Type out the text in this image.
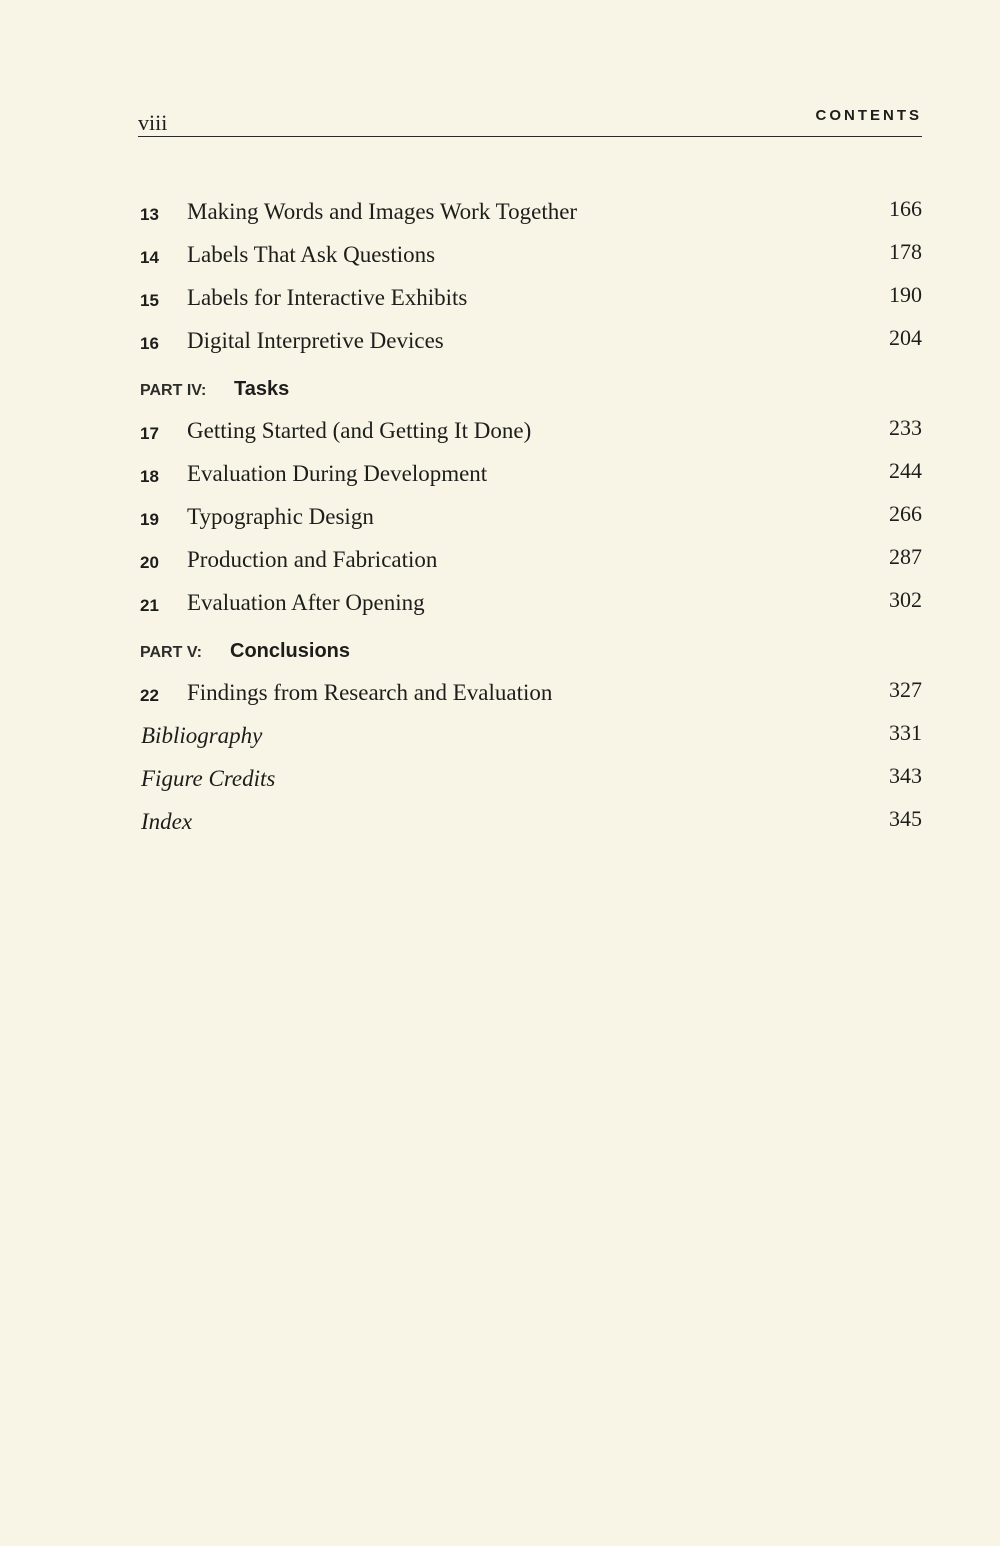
viii	CONTENTS
13 Making Words and Images Work Together	166
14 Labels That Ask Questions	178
15 Labels for Interactive Exhibits	190
16 Digital Interpretive Devices	204
PART IV: Tasks
17 Getting Started (and Getting It Done)	233
18 Evaluation During Development	244
19 Typographic Design	266
20 Production and Fabrication	287
21 Evaluation After Opening	302
PART V: Conclusions
22 Findings from Research and Evaluation	327
Bibliography	331
Figure Credits	343
Index	345
